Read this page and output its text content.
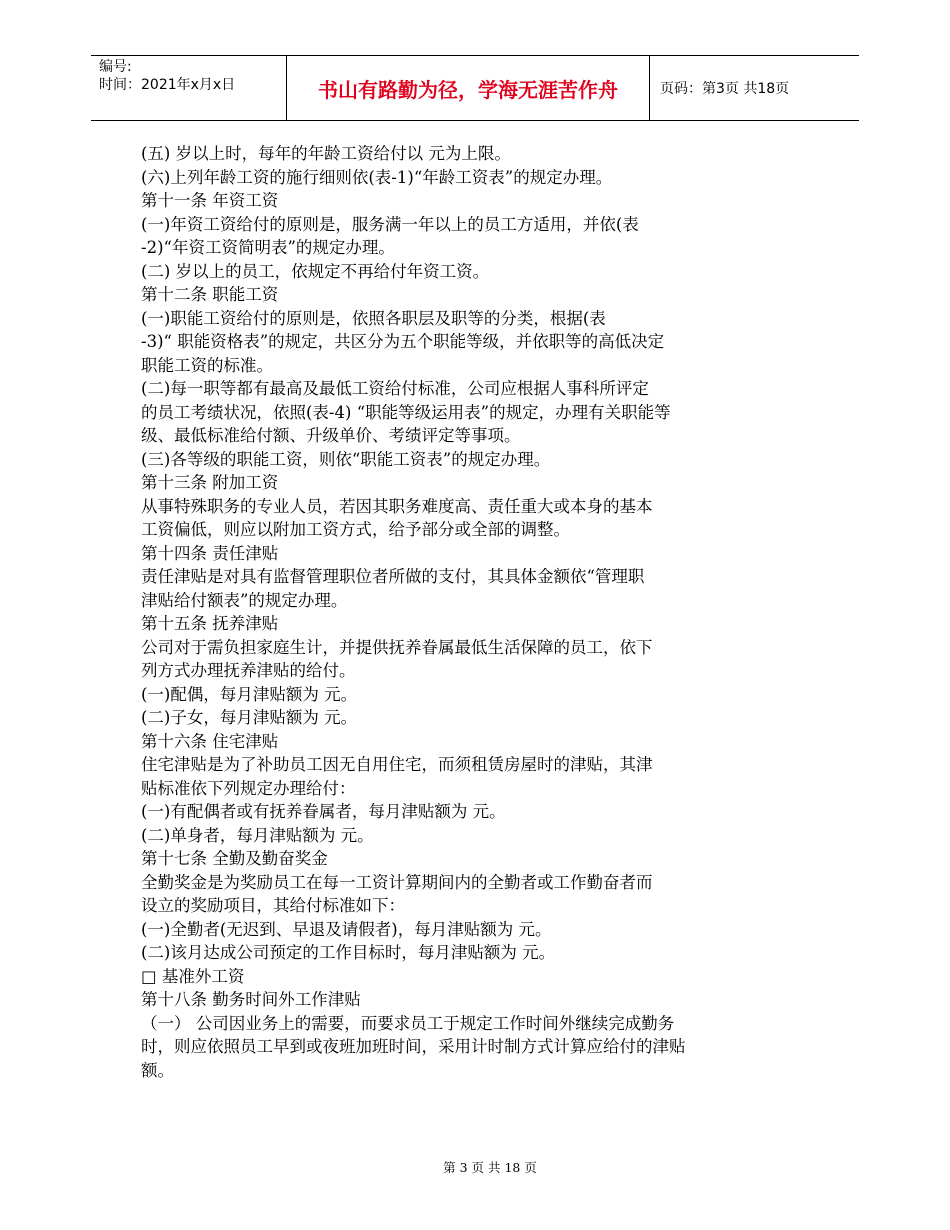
编号:
时间：2021年x月x日	书山有路勤为径，学海无涯苦作舟	页码：第3页 共18页

(五) 岁以上时，每年的年龄工资给付以 元为上限。

(六)上列年龄工资的施行细则依(表-1)“年龄工资表”的规定办理。

第十一条 年资工资

(一)年资工资给付的原则是，服务满一年以上的员工方适用，并依(表

-2)“年资工资简明表”的规定办理。

(二) 岁以上的员工，依规定不再给付年资工资。

第十二条 职能工资

(一)职能工资给付的原则是，依照各职层及职等的分类，根据(表

-3)“ 职能资格表”的规定，共区分为五个职能等级，并依职等的高低决定

职能工资的标准。

(二)每一职等都有最高及最低工资给付标准，公司应根据人事科所评定

的员工考绩状况，依照(表-4) “职能等级运用表”的规定，办理有关职能等

级、最低标准给付额、升级单价、考绩评定等事项。

(三)各等级的职能工资，则依“职能工资表”的规定办理。

第十三条 附加工资

从事特殊职务的专业人员，若因其职务难度高、责任重大或本身的基本

工资偏低，则应以附加工资方式，给予部分或全部的调整。

第十四条 责任津贴

责任津贴是对具有监督管理职位者所做的支付，其具体金额依“管理职

津贴给付额表”的规定办理。

第十五条 抚养津贴

公司对于需负担家庭生计，并提供抚养眷属最低生活保障的员工，依下

列方式办理抚养津贴的给付。

(一)配偶，每月津贴额为 元。

(二)子女，每月津贴额为 元。

第十六条 住宅津贴

住宅津贴是为了补助员工因无自用住宅，而须租赁房屋时的津贴，其津

贴标准依下列规定办理给付：

(一)有配偶者或有抚养眷属者，每月津贴额为 元。

(二)单身者，每月津贴额为 元。

第十七条 全勤及勤奋奖金

全勤奖金是为奖励员工在每一工资计算期间内的全勤者或工作勤奋者而

设立的奖励项目，其给付标准如下：

(一)全勤者(无迟到、早退及请假者)，每月津贴额为 元。

(二)该月达成公司预定的工作目标时，每月津贴额为 元。

□ 基准外工资

第十八条 勤务时间外工作津贴

（一） 公司因业务上的需要，而要求员工于规定工作时间外继续完成勤务

时，则应依照员工早到或夜班加班时间，采用计时制方式计算应给付的津贴

额。

第 3 页 共 18 页
